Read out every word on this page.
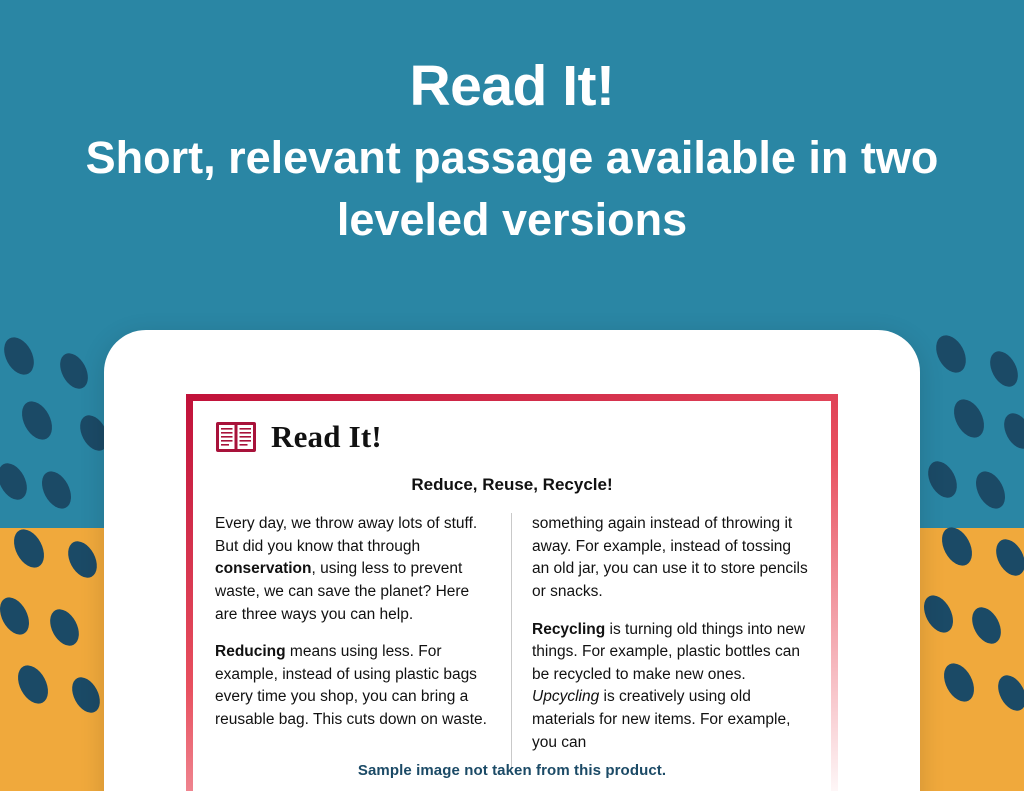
Read It!
Short, relevant passage available in two leveled versions
Read It!
Reduce, Reuse, Recycle!

Every day, we throw away lots of stuff. But did you know that through conservation, using less to prevent waste, we can save the planet? Here are three ways you can help.

Reducing means using less. For example, instead of using plastic bags every time you shop, you can bring a reusable bag. This cuts down on waste.

something again instead of throwing it away. For example, instead of tossing an old jar, you can use it to store pencils or snacks.

Recycling is turning old things into new things. For example, plastic bottles can be recycled to make new ones. Upcycling is creatively using old materials for new items. For example, you can

Sample image not taken from this product.
